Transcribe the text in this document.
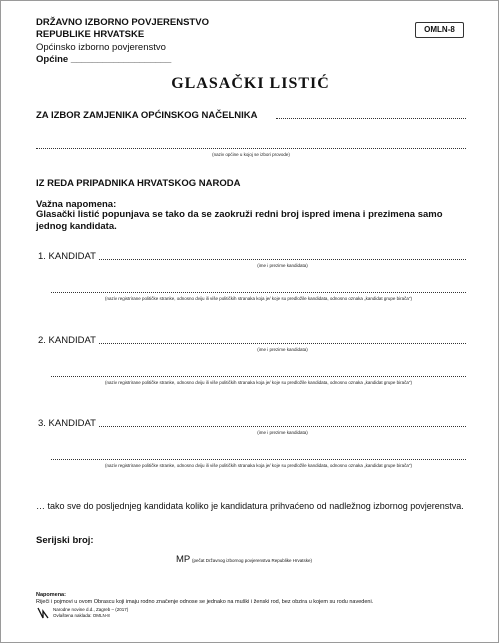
DRŽAVNO IZBORNO POVJERENSTVO
REPUBLIKE HRVATSKE
Općinsko izborno povjerenstvo
Općine ___________________
OMLN-8
GLASAČKI LISTIĆ
ZA IZBOR ZAMJENIKA OPĆINSKOG NAČELNIKA
(naziv općine u kojoj se izbori provode)
IZ REDA PRIPADNIKA HRVATSKOG NARODA
Važna napomena:
Glasački listić popunjava se tako da se zaokruži redni broj ispred imena i prezimena samo jednog kandidata.
1. KANDIDAT
(ime i prezime kandidata)
(naziv registrirane političke stranke, odnosno dviju ili više političkih stranaka koja je/ koje su predložile kandidata, odnosno oznaka „kandidat grupe birača")
2. KANDIDAT
(ime i prezime kandidata)
(naziv registrirane političke stranke, odnosno dviju ili više političkih stranaka koja je/ koje su predložile kandidata, odnosno oznaka „kandidat grupe birača")
3. KANDIDAT
(ime i prezime kandidata)
(naziv registrirane političke stranke, odnosno dviju ili više političkih stranaka koja je/ koje su predložile kandidata, odnosno oznaka „kandidat grupe birača")
… tako sve do posljednjeg kandidata koliko je kandidatura prihvaćeno od nadležnog izbornog povjerenstva.
Serijski broj:
MP (pečat Državnog izbornog povjerenstva Republike Hrvatske)
Napomena:
Riječi i pojmovi u ovom Obrascu koji imaju rodno značenje odnose se jednako na muški i ženski rod, bez obzira u kojem su rodu navedeni.
Narodne novine d.d., Zagreb – (2017)
Ovlaštena naklada: OMLN-8
